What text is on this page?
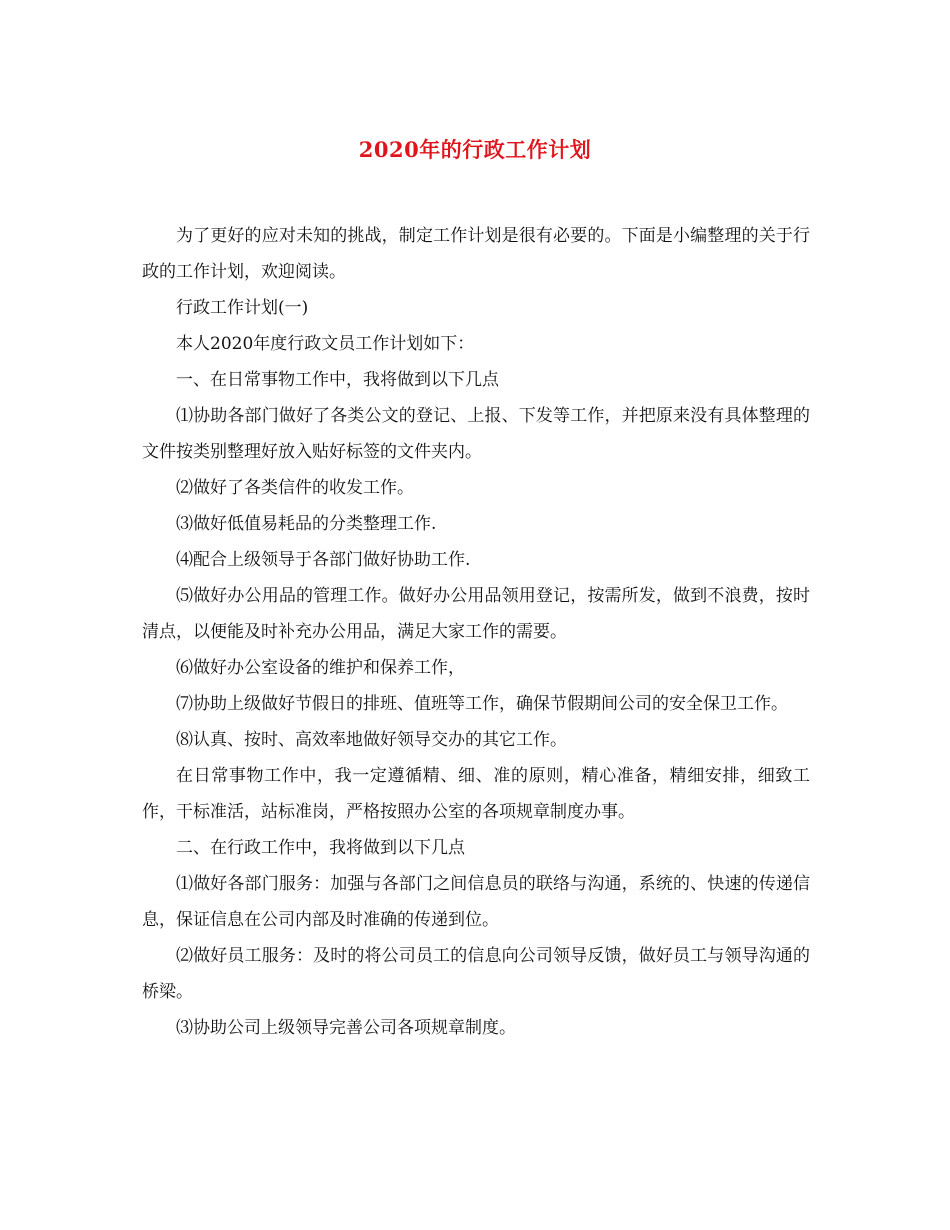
2020年的行政工作计划

为了更好的应对未知的挑战，制定工作计划是很有必要的。下面是小编整理的关于行政的工作计划，欢迎阅读。

行政工作计划(一)

本人2020年度行政文员工作计划如下：

一、在日常事物工作中，我将做到以下几点

⑴协助各部门做好了各类公文的登记、上报、下发等工作，并把原来没有具体整理的文件按类别整理好放入贴好标签的文件夹内。

⑵做好了各类信件的收发工作。

⑶做好低值易耗品的分类整理工作.

⑷配合上级领导于各部门做好协助工作.

⑸做好办公用品的管理工作。做好办公用品领用登记，按需所发，做到不浪费，按时清点，以便能及时补充办公用品，满足大家工作的需要。

⑹做好办公室设备的维护和保养工作，

⑺协助上级做好节假日的排班、值班等工作，确保节假期间公司的安全保卫工作。

⑻认真、按时、高效率地做好领导交办的其它工作。

在日常事物工作中，我一定遵循精、细、准的原则，精心准备，精细安排，细致工作，干标准活，站标准岗，严格按照办公室的各项规章制度办事。

二、在行政工作中，我将做到以下几点

⑴做好各部门服务：加强与各部门之间信息员的联络与沟通，系统的、快速的传递信息，保证信息在公司内部及时准确的传递到位。

⑵做好员工服务：及时的将公司员工的信息向公司领导反馈，做好员工与领导沟通的桥梁。

⑶协助公司上级领导完善公司各项规章制度。
